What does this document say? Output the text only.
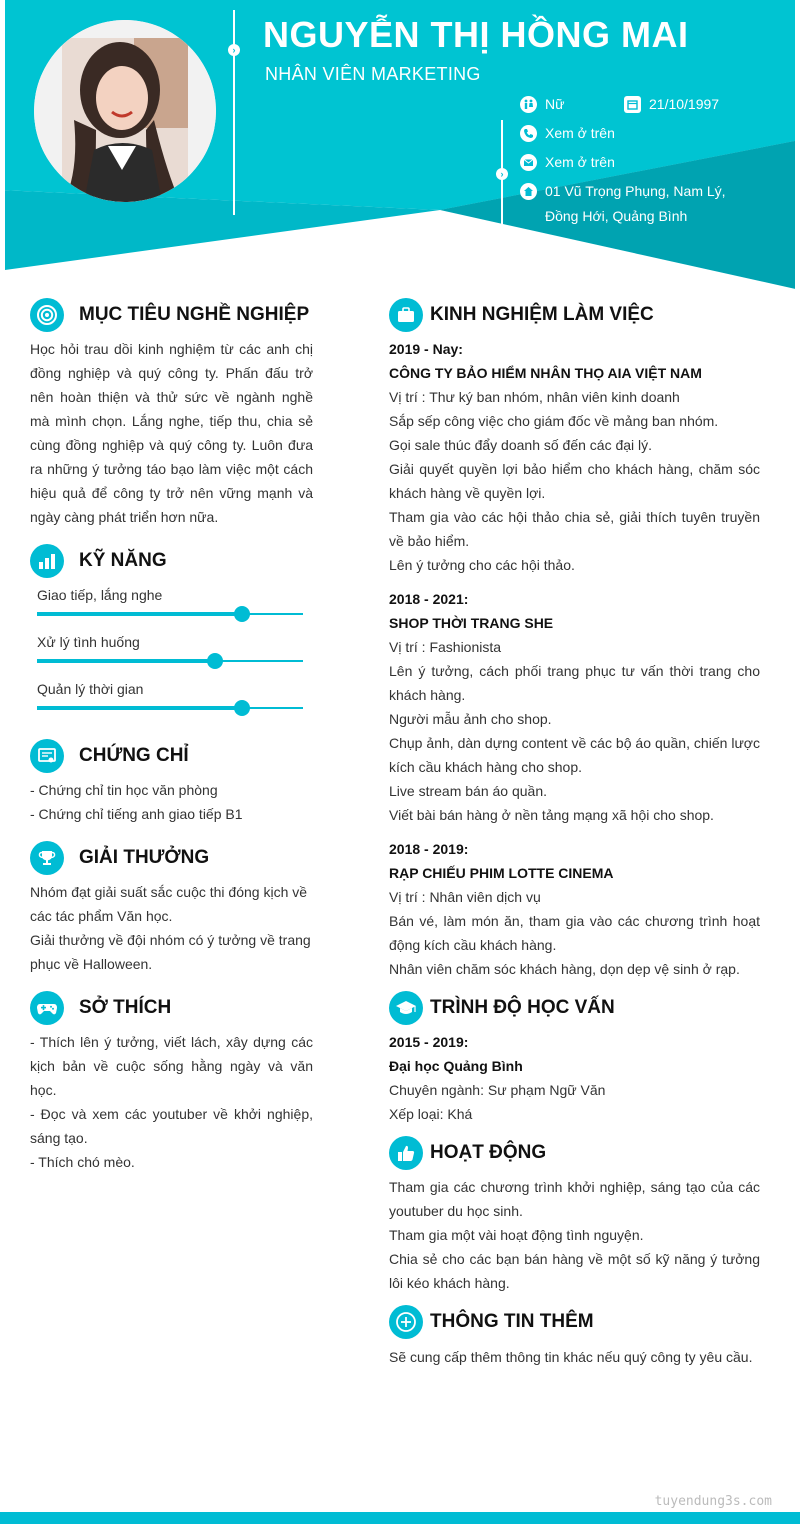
›
›
NGUYỄN THỊ HỒNG MAI
NHÂN VIÊN MARKETING
Nữ	21/10/1997
Xem ở trên
Xem ở trên
01 Vũ Trọng Phụng, Nam Lý, Đồng Hới, Quảng Bình
MỤC TIÊU NGHỀ NGHIỆP
Học hỏi trau dồi kinh nghiệm từ các anh chị đồng nghiệp và quý công ty. Phấn đấu trở nên hoàn thiện và thử sức về ngành nghề mà mình chọn. Lắng nghe, tiếp thu, chia sẻ cùng đồng nghiệp và quý công ty. Luôn đưa ra những ý tưởng táo bạo làm việc một cách hiệu quả để công ty trở nên vững mạnh và ngày càng phát triển hơn nữa.
KỸ NĂNG
Giao tiếp, lắng nghe
Xử lý tình huống
Quản lý thời gian
CHỨNG CHỈ

- Chứng chỉ tin học văn phòng

- Chứng chỉ tiếng anh giao tiếp B1

GIẢI THƯỞNG

Nhóm đạt giải suất sắc cuộc thi đóng kịch về các tác phẩm Văn học.

Giải thưởng về đội nhóm có ý tưởng về trang phục về Halloween.

SỞ THÍCH

- Thích lên ý tưởng, viết lách, xây dựng các kịch bản về cuộc sống hằng ngày và văn học.

- Đọc và xem các youtuber về khởi nghiệp, sáng tạo.

- Thích chó mèo.

KINH NGHIỆM LÀM VIỆC

2019 - Nay:

CÔNG TY BẢO HIỂM NHÂN THỌ AIA VIỆT NAM

Vị trí : Thư ký ban nhóm, nhân viên kinh doanh

Sắp sếp công việc cho giám đốc về mảng ban nhóm.

Gọi sale thúc đẩy doanh số đến các đại lý.

Giải quyết quyền lợi bảo hiểm cho khách hàng, chăm sóc khách hàng về quyền lợi.

Tham gia vào các hội thảo chia sẻ, giải thích tuyên truyền về bảo hiểm.

Lên ý tưởng cho các hội thảo.

2018 - 2021:

SHOP THỜI TRANG SHE

Vị trí : Fashionista

Lên ý tưởng, cách phối trang phục tư vấn thời trang cho khách hàng.

Người mẫu ảnh cho shop.

Chụp ảnh, dàn dựng content về các bộ áo quần, chiến lược kích cầu khách hàng cho shop.

Live stream bán áo quần.

Viết bài bán hàng ở nền tảng mạng xã hội cho shop.

2018 - 2019:

RẠP CHIẾU PHIM LOTTE CINEMA

Vị trí : Nhân viên dịch vụ

Bán vé, làm món ăn, tham gia vào các chương trình hoạt động kích cầu khách hàng.

Nhân viên chăm sóc khách hàng, dọn dẹp vệ sinh ở rạp.

TRÌNH ĐỘ HỌC VẤN

2015 - 2019:

Đại học Quảng Bình

Chuyên ngành: Sư phạm Ngữ Văn

Xếp loại: Khá

HOẠT ĐỘNG

Tham gia các chương trình khởi nghiệp, sáng tạo của các youtuber du học sinh.

Tham gia một vài hoạt động tình nguyện.

Chia sẻ cho các bạn bán hàng về một số kỹ năng ý tưởng lôi kéo khách hàng.

THÔNG TIN THÊM
Sẽ cung cấp thêm thông tin khác nếu quý công ty yêu cầu.
tuyendung3s.com
